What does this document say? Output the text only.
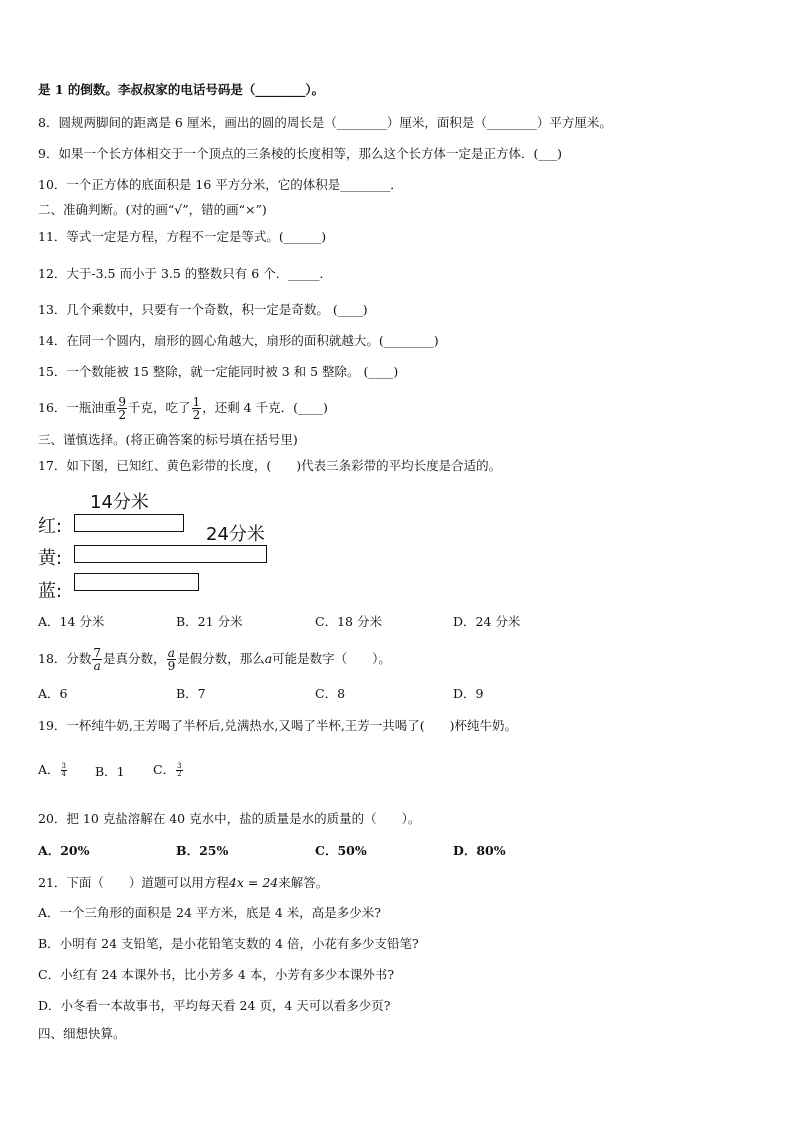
是 1 的倒数。李叔叔家的电话号码是（________）。
8．圆规两脚间的距离是 6 厘米，画出的圆的周长是（________）厘米，面积是（________）平方厘米。
9．如果一个长方体相交于一个顶点的三条棱的长度相等，那么这个长方体一定是正方体．(___)
10．一个正方体的底面积是 16 平方分米，它的体积是________．
二、准确判断。(对的画“√”，错的画“×”)
11．等式一定是方程，方程不一定是等式。(______)
12．大于-3.5 而小于 3.5 的整数只有 6 个．_____．
13．几个乘数中，只要有一个奇数，积一定是奇数。 (____)
14．在同一个圆内，扇形的圆心角越大，扇形的面积就越大。(________)
15．一个数能被 15 整除，就一定能同时被 3 和 5 整除。 (____)
16．一瓶油重 $\frac{9}{2}$ 千克，吃了 $\frac{1}{2}$ ，还剩 4 千克．(____)
三、谨慎选择。(将正确答案的标号填在括号里)
17．如下图，已知红、黄色彩带的长度，(　　)代表三条彩带的平均长度是合适的。
14分米
24分米
红:
黄:
蓝:
A．14 分米	B．21 分米	C．18 分米	D．24 分米
18．分数 $\frac{7}{a}$ 是真分数， $\frac{a}{9}$ 是假分数，那么a可能是数字（　　）。
A．6	B．7	C．8	D．9
19．一杯纯牛奶,王芳喝了半杯后,兑满热水,又喝了半杯,王芳一共喝了(　　)杯纯牛奶。
A． $\frac{3}{4}$ B．1 C． $\frac{3}{2}$
20．把 10 克盐溶解在 40 克水中，盐的质量是水的质量的（　　）。
A．20%	B．25%	C．50%	D．80%
21．下面（　　）道题可以用方程4x = 24来解答。
A．一个三角形的面积是 24 平方米，底是 4 米，高是多少米?
B．小明有 24 支铅笔，是小花铅笔支数的 4 倍，小花有多少支铅笔?
C．小红有 24 本课外书，比小芳多 4 本，小芳有多少本课外书?
D．小冬看一本故事书，平均每天看 24 页，4 天可以看多少页?
四、细想快算。
